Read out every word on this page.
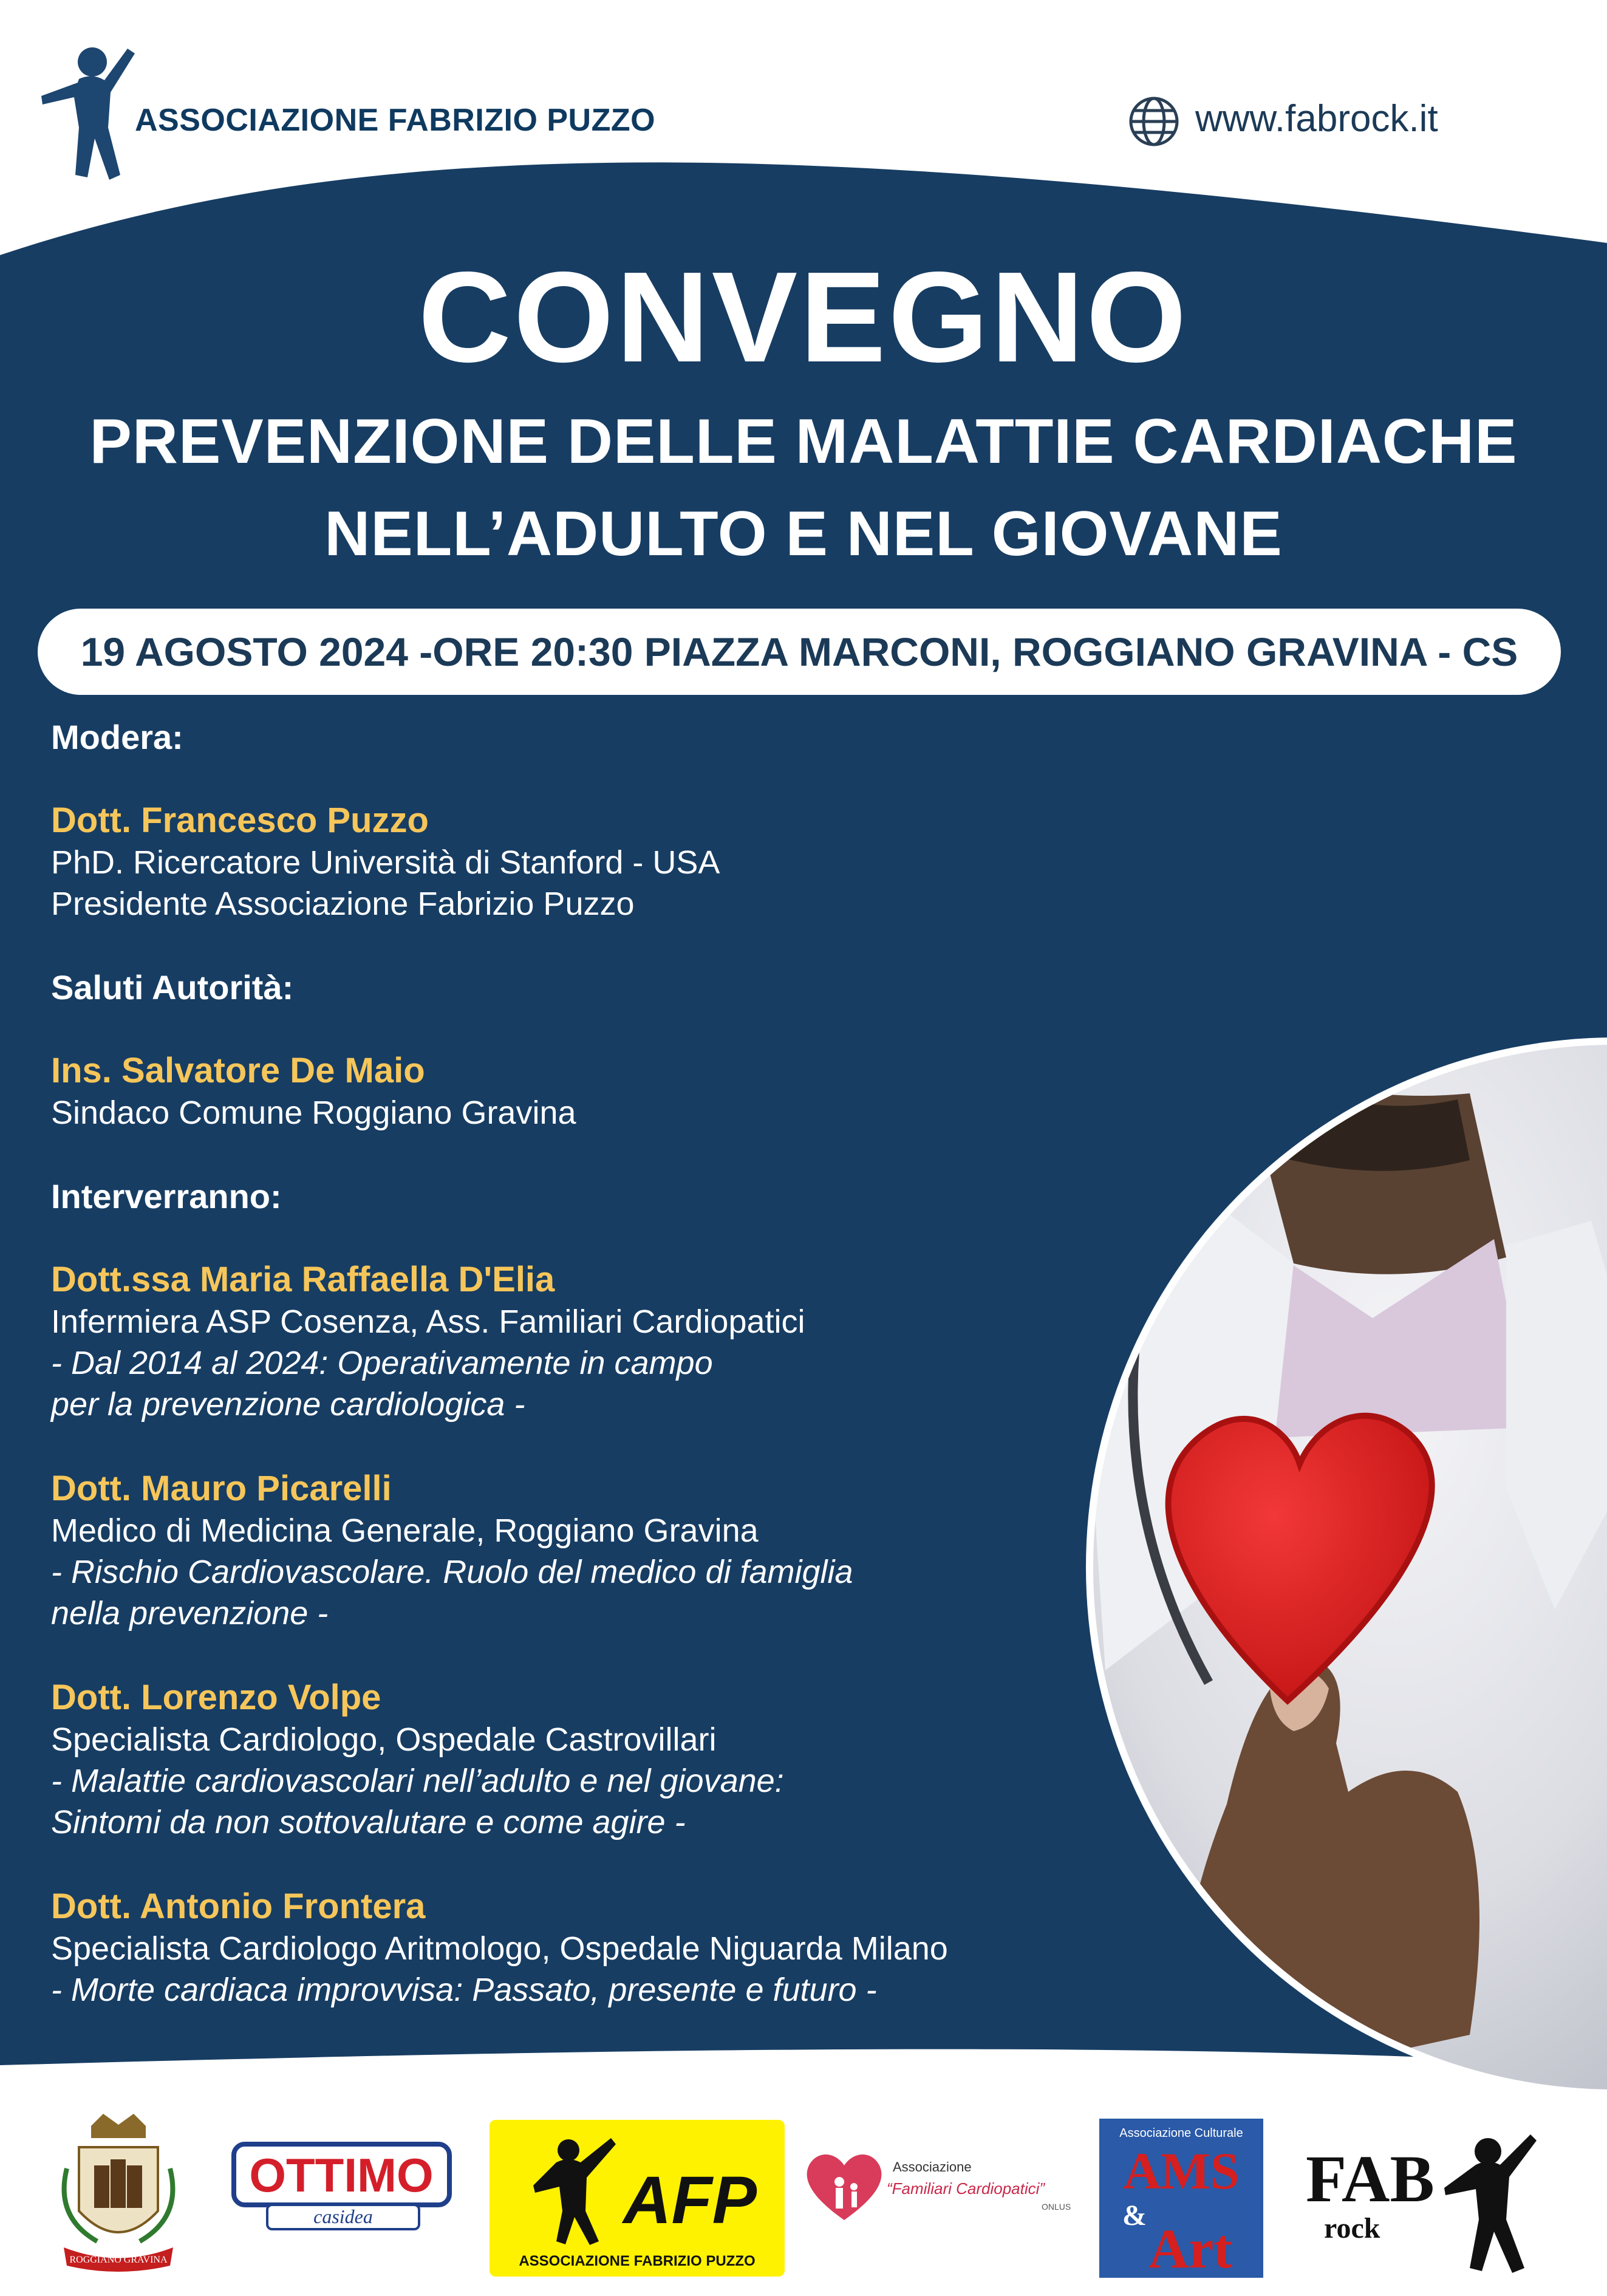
ASSOCIAZIONE FABRIZIO PUZZO	www.fabrock.it
CONVEGNO
PREVENZIONE DELLE MALATTIE CARDIACHE
NELL’ADULTO E NEL GIOVANE
19 AGOSTO 2024 -ORE 20:30 PIAZZA MARCONI, ROGGIANO GRAVINA - CS

Modera:

Dott. Francesco Puzzo

PhD. Ricercatore Università di Stanford - USA

Presidente Associazione Fabrizio Puzzo

Saluti Autorità:

Ins. Salvatore De Maio

Sindaco Comune Roggiano Gravina

Interverranno:

Dott.ssa Maria Raffaella D'Elia

Infermiera ASP Cosenza, Ass. Familiari Cardiopatici

- Dal 2014 al 2024: Operativamente in campo

per la prevenzione cardiologica -

Dott. Mauro Picarelli

Medico di Medicina Generale, Roggiano Gravina

- Rischio Cardiovascolare. Ruolo del medico di famiglia

nella prevenzione -

Dott. Lorenzo Volpe

Specialista Cardiologo, Ospedale Castrovillari

- Malattie cardiovascolari nell’adulto e nel giovane:

Sintomi da non sottovalutare e come agire -

Dott. Antonio Frontera

Specialista Cardiologo Aritmologo, Ospedale Niguarda Milano

- Morte cardiaca improvvisa: Passato, presente e futuro -

ROGGIANO GRAVINA
OTTIMO
casidea	AFP
ASSOCIAZIONE FABRIZIO PUZZO
Associazione
“Familiari Cardiopatici”
ONLUS
Associazione Culturale
AMS
&
Art
FAB
rock
